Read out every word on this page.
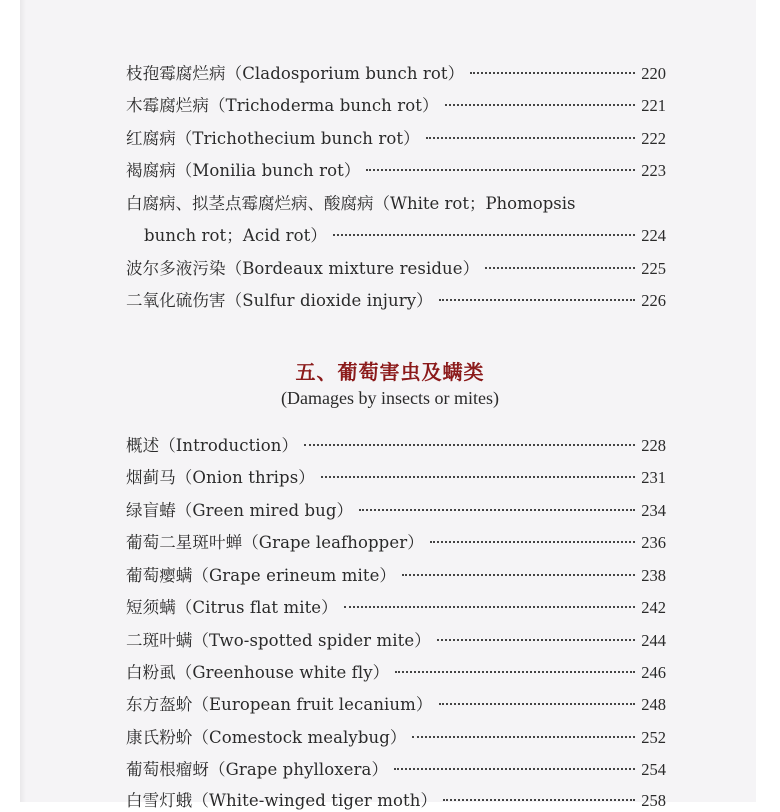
枝孢霉腐烂病（Cladosporium bunch rot）	220
木霉腐烂病（Trichoderma bunch rot）	221
红腐病（Trichothecium bunch rot）	222
褐腐病（Monilia bunch rot）	223
白腐病、拟茎点霉腐烂病、酸腐病（White rot；Phomopsis
bunch rot；Acid rot）	224
波尔多液污染（Bordeaux mixture residue）	225
二氧化硫伤害（Sulfur dioxide injury）	226
五、葡萄害虫及螨类
(Damages by insects or mites)
概述（Introduction）	228
烟蓟马（Onion thrips）	231
绿盲蝽（Green mired bug）	234
葡萄二星斑叶蝉（Grape leafhopper）	236
葡萄瘿螨（Grape erineum mite）	238
短须螨（Citrus flat mite）	242
二斑叶螨（Two-spotted spider mite）	244
白粉虱（Greenhouse white fly）	246
东方盔蚧（European fruit lecanium）	248
康氏粉蚧（Comestock mealybug）	252
葡萄根瘤蚜（Grape phylloxera）	254
白雪灯蛾（White-winged tiger moth）	258
